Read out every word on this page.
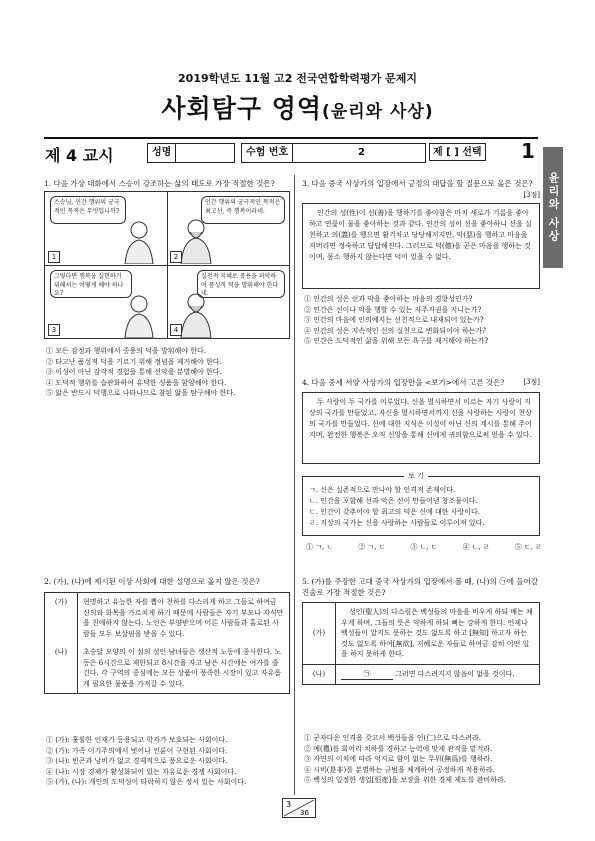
2019학년도 11월 고2 전국연합학력평가 문제지
사회탐구 영역(윤리와 사상)
제 4 교시	성명	수험 번호	2	제 [ ] 선택 1
윤리와 사상
1. 다음 가상 대화에서 스승이 강조하는 삶의 태도로 가장 적절한 것은?
스승님, 인간 행위의 궁극적인 목적은 무엇입니까?
1
인간 행위의 궁극적인 목적은 최고선, 즉 행복이라네.
2
그렇다면 행복을 실현하기 위해서는 어떻게 해야 하나요?
3
실천적 지혜로 중용을 파악하여 품성적 덕을 발휘해야 한다네.
4
① 모든 감정과 행위에서 중용의 덕을 발휘해야 한다.
② 타고난 품성적 덕을 기르기 위해 정념을 제거해야 한다.
③ 이성이 아닌 감각적 경험을 통해 선악을 분별해야 한다.
④ 도덕적 행위를 습관화하여 유덕한 성품을 함양해야 한다.
⑤ 앎은 반드시 덕행으로 나타나므로 참된 앎을 탐구해야 한다.
2. (가), (나)에 제시된 이상 사회에 대한 설명으로 옳지 않은 것은?
(가)	현명하고 유능한 자를 뽑아 천하를 다스리게 하고 그들로 하여금 신의와 화목을 가르치게 하기 때문에 사람들은 자기 부모나 자식만을 친애하지 않는다. 노인은 부양받으며 어른 사람들과 홀로된 사람들 모두 보살핌을 받을 수 있다.
(나)	초승달 모양의 이 섬의 성인 남녀들은 생산적 노동에 종사한다. 노동은 6시간으로 제한되고 8시간을 자고 남은 시간에는 여가를 즐긴다. 각 구역의 중심에는 모든 상품이 풍족한 시장이 있고 자유롭게 필요한 물품을 가져갈 수 있다.
① (가): 훌륭한 인재가 등용되고 학자가 보호되는 사회이다.
② (가): 가족 이기주의에서 벗어나 인륜이 구현된 사회이다.
③ (나): 빈곤과 낭비가 없고 경제적으로 풍요로운 사회이다.
④ (나): 시장 경제가 활성화되어 있는 자유로운 경쟁 사회이다.
⑤ (가), (나): 개인의 도덕성이 타락하지 않은 정서 있는 사회이다.
3. 다음 중국 사상가의 입장에서 긍정의 대답을 할 질문으로 옳은 것은?
[3점]
인간의 성(性)이 선(善)을 행하기를 좋아함은 마치 새로가 기름을 좋아하고 연꽃이 물을 좋아하는 것과 같다. 인간의 성이 선을 좋아하니 선을 실천하고 의(義)를 행으면 활기차고 당당해지지만, 악(惡)을 행하고 마음을 저버리면 정숙하고 답답해진다. 그러므로 덕(德)을 곧은 마음을 행하는 것이며, 몸소 행하지 않는다면 덕이 있을 수 없다.
① 인간의 성은 선과 악을 좋아하는 마음의 경향성인가?
② 인간은 선이나 악을 행할 수 있는 자주지권을 지니는가?
③ 인간의 마음에 인의예지는 선천적으로 내재되어 있는가?
④ 인간의 성은 지속적인 선의 실천으로 변화되어야 하는가?
⑤ 인간은 도덕적인 삶을 위해 모든 욕구를 제거해야 하는가?
4. 다음 중세 서양 사상가의 입장만을 <보기>에서 고른 것은?	[3점]
두 사랑이 두 국가를 이루었다. 신을 멸시하면서 이르는 자기 사랑이 지상의 국가를 만들었고, 자신을 멸시하면서까지 신을 사랑하는 사랑이 천상의 국가를 만들었다. 신에 대한 지식은 이성이 아닌 신의 계시를 통해 주어지며, 완전한 행복은 오직 신앙을 통해 신에게 귀의함으로써 얻을 수 있다.
ㄱ. 신은 실존적으로 만나야 할 인격적 존재이다.
ㄴ. 인간을 포함해 선과 악은 신이 만들어낸 창조물이다.
ㄷ. 인간이 갖추어야 할 최고의 덕은 신에 대한 사랑이다.
ㄹ. 지상의 국가는 신을 사랑하는 사람들로 이루어져 있다.
보 기
① ㄱ, ㄴ	② ㄱ, ㄷ	③ ㄴ, ㄷ	④ ㄴ, ㄹ	⑤ ㄷ, ㄹ
5. (가)를 주장한 고대 중국 사상가의 입장에서 볼 때, (나)의 ㉠에 들어갈 진술로 가장 적절한 것은?
(가)	성인(聖人)의 다스림은 백성들의 마음을 비우게 하되 배는 채우게 하며, 그들의 뜻은 약하게 하되 뼈는 강하게 한다. 언제나 백성들이 알지도 못하는 것도 없도록 하고 [無知] 하고자 하는 것도 없도록 하여[無欲], 지혜로운 자들로 하여금 감히 어떤 일을 하지 못하게 한다.
(나)	㉠ 그러면 다스려지지 않음이 없을 것이다.
① 군자다운 인격을 갖고서 백성들을 인(仁)으로 다스려라.
② 예(禮)를 회어리 치하를 경하고 능력에 맞게 관직을 맡겨라.
③ 자연의 이치에 따라 억지로 함이 없는 무위(無爲)를 행하라.
④ 시비(是非)를 분별하는 규범을 체계하여 공정하게 적용하라.
⑤ 백성의 일정한 생업[恒産]을 보장을 위한 경제 제도를 완비하라.
3
36
